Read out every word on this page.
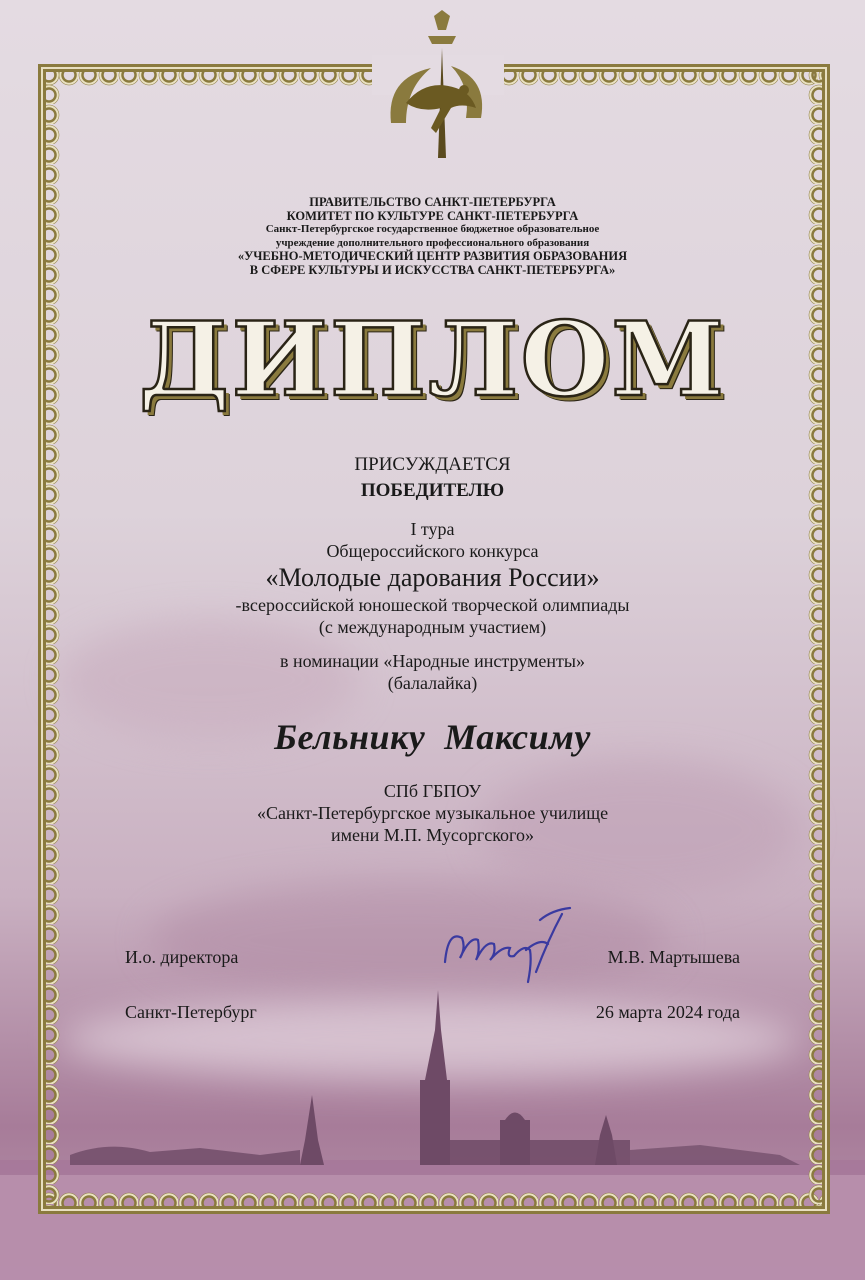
ПРАВИТЕЛЬСТВО САНКТ-ПЕТЕРБУРГА
КОМИТЕТ ПО КУЛЬТУРЕ САНКТ-ПЕТЕРБУРГА
Санкт-Петербургское государственное бюджетное образовательное
учреждение дополнительного профессионального образования
«УЧЕБНО-МЕТОДИЧЕСКИЙ ЦЕНТР РАЗВИТИЯ ОБРАЗОВАНИЯ
В СФЕРЕ КУЛЬТУРЫ И ИСКУССТВА САНКТ-ПЕТЕРБУРГА»
ДИПЛОМ
ПРИСУЖДАЕТСЯ
ПОБЕДИТЕЛЮ
I тура
Общероссийского конкурса
«Молодые дарования России»
-всероссийской юношеской творческой олимпиады
(с международным участием)
в номинации «Народные инструменты»
(балалайка)
Бельнику  Максиму
СПб ГБПОУ
«Санкт-Петербургское музыкальное училище
имени М.П. Мусоргского»
И.о. директора	М.В. Мартышева
Санкт-Петербург	26 марта 2024 года
